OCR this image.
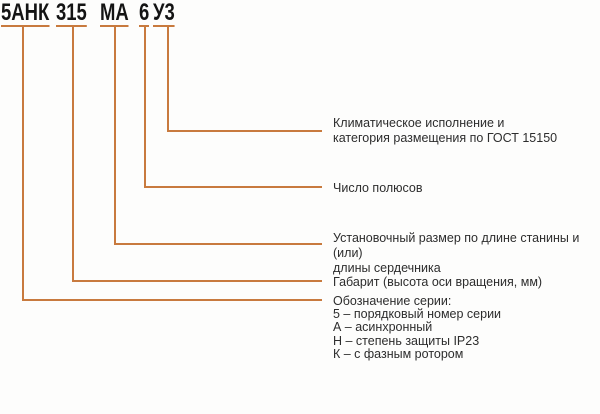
5АНК 315 МА 6 У3
Климатическое исполнение и
категория размещения по ГОСТ 15150
Число полюсов
Установочный размер по длине станины и (или)
длины сердечника
Габарит (высота оси вращения, мм)
Обозначение серии:
5 – порядковый номер серии
А – асинхронный
Н – степень защиты IP23
К – с фазным ротором
